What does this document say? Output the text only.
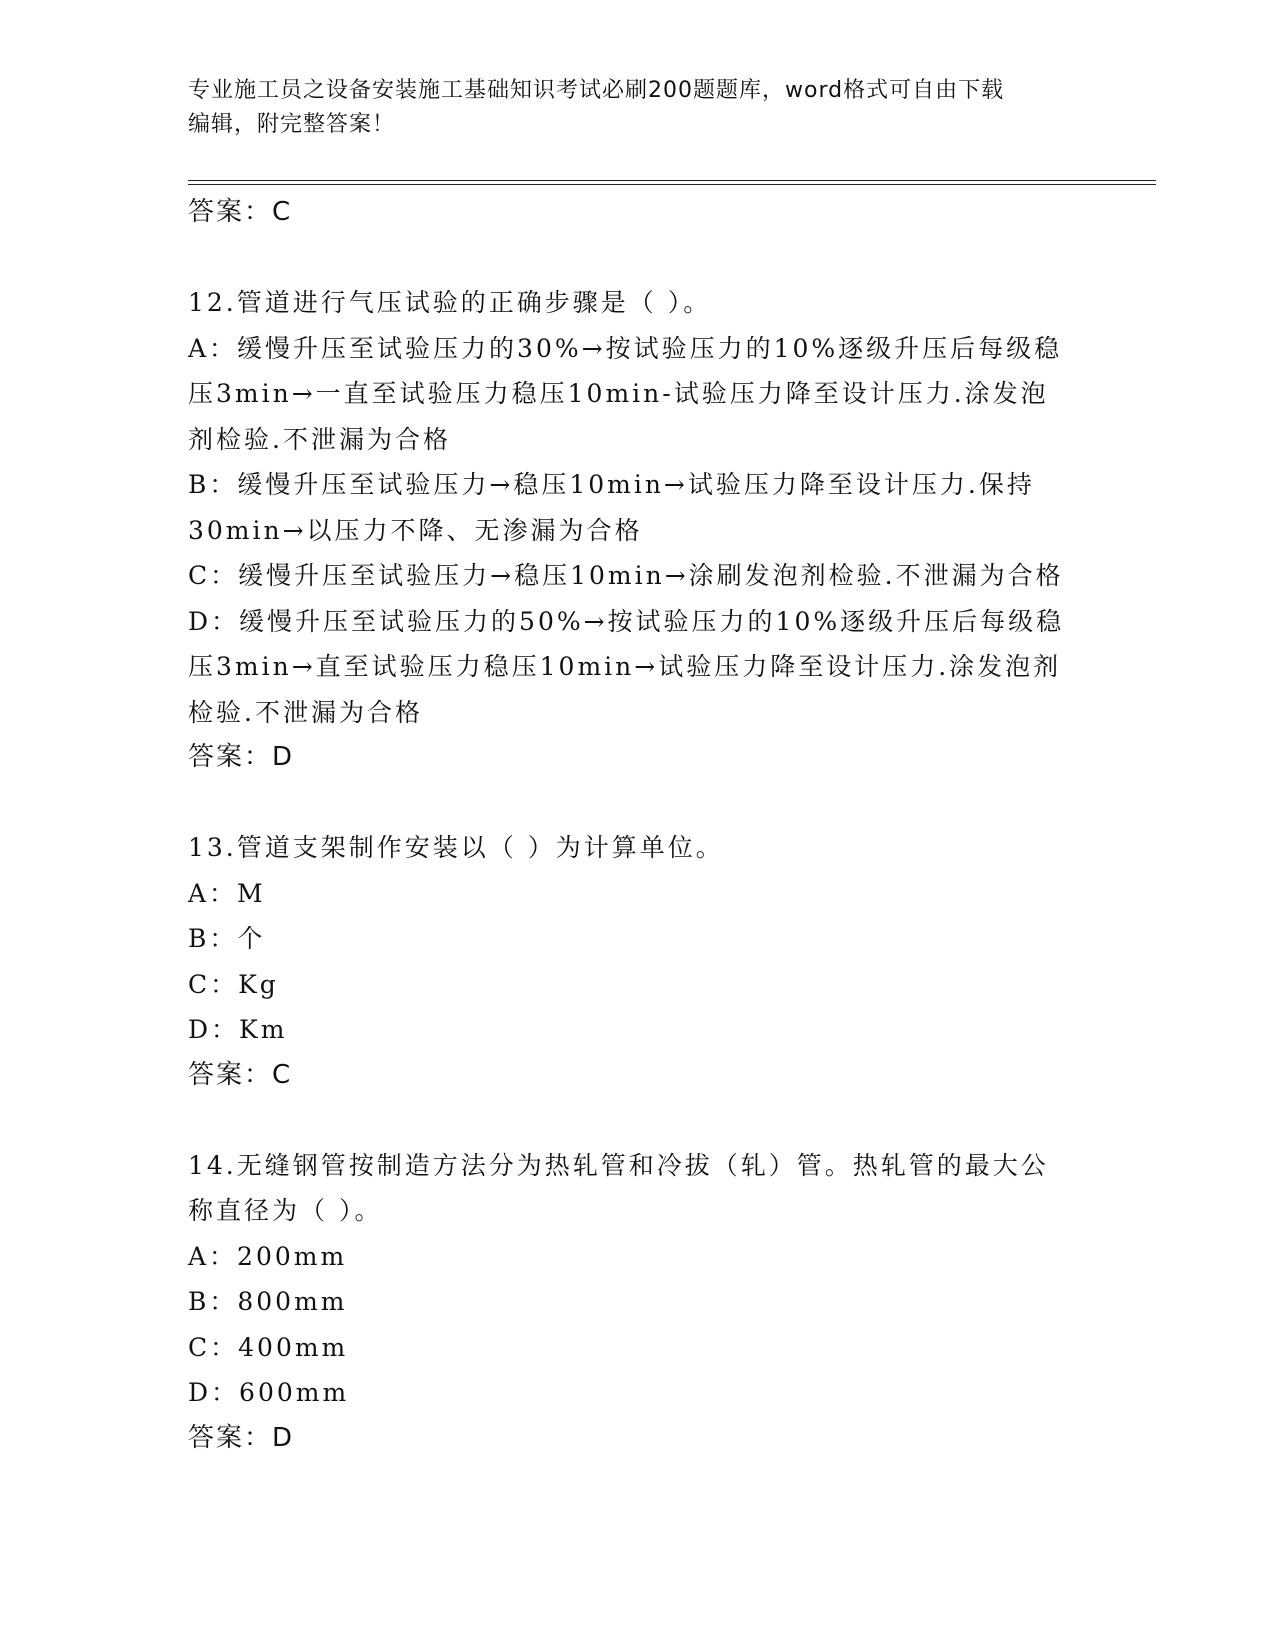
专业施工员之设备安装施工基础知识考试必刷200题题库，word格式可自由下载
编辑，附完整答案！
答案：C
12.管道进行气压试验的正确步骤是（ ）。
A：缓慢升压至试验压力的30%→按试验压力的10%逐级升压后每级稳
压3min→一直至试验压力稳压10min-试验压力降至设计压力.涂发泡
剂检验.不泄漏为合格
B：缓慢升压至试验压力→稳压10min→试验压力降至设计压力.保持
30min→以压力不降、无渗漏为合格
C：缓慢升压至试验压力→稳压10min→涂刷发泡剂检验.不泄漏为合格
D：缓慢升压至试验压力的50%→按试验压力的10%逐级升压后每级稳
压3min→直至试验压力稳压10min→试验压力降至设计压力.涂发泡剂
检验.不泄漏为合格
答案：D
13.管道支架制作安装以（ ）为计算单位。
A：M
B：个
C：Kg
D：Km
答案：C
14.无缝钢管按制造方法分为热轧管和冷拔（轧）管。热轧管的最大公
称直径为（ ）。
A：200mm
B：800mm
C：400mm
D：600mm
答案：D
